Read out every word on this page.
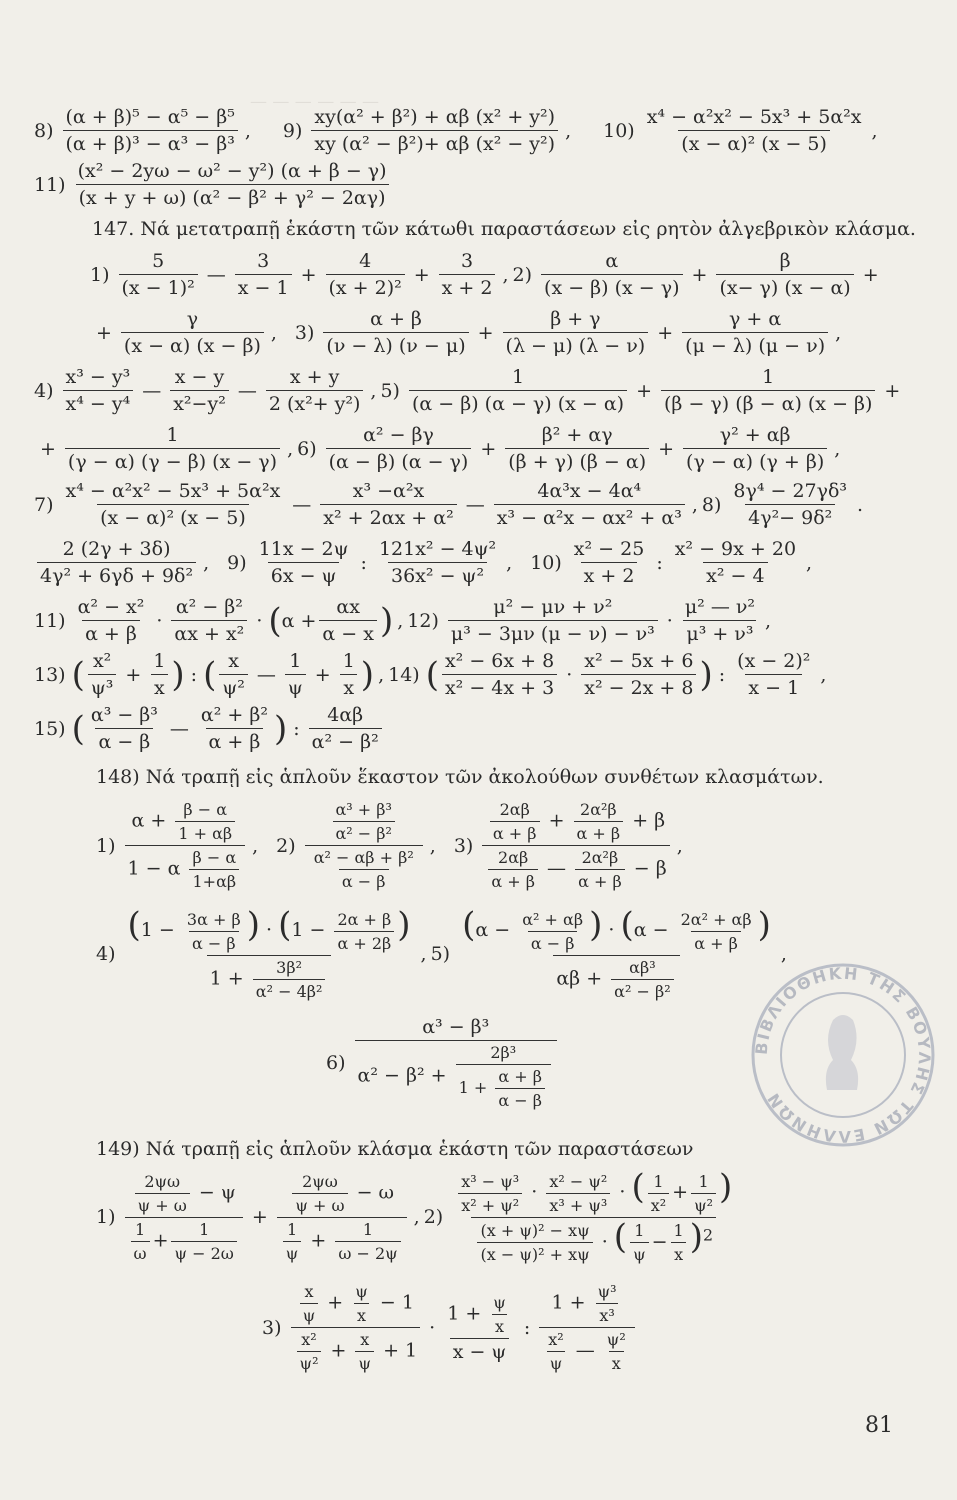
— — — — — —
$8) \frac{\text{(α + β)⁵ − α⁵ − β⁵}}{\text{(α + β)³ − α³ − β³}}$ , $9) \frac{\text{xy(α² + β²) + αβ (x² + y²)}}{\text{xy (α² − β²)+ αβ (x² − y²)}}$ , $10) \frac{\text{x⁴ − α²x² − 5x³ + 5α²x}}{\text{(x − α)² (x − 5)}}$ ,
$11) \frac{\text{(x² − 2yω − ω² − y²) (α + β − γ)}}{\text{(x + y + ω) (α² − β² + γ² − 2αγ)}}$
147. Νά μετατραπῇ ἑκάστη τῶν κάτωθι παραστάσεων εἰς ρητὸν ἀλγεβρικὸν κλάσμα.
$1) \frac{5}{\text{(x − 1)²}}$ — $\frac{3}{x - 1} + \frac{4}{\text{(x + 2)²}} + \frac{3}{x + 2}$ , $2) \frac{\alpha}{(x - \beta) (x - \gamma)} + \frac{\beta}{(x- \gamma) (x - \alpha)}$ +
+ $\frac{\gamma}{(x - \alpha) (x - \beta)}$ , $3) \frac{\alpha + \beta}{(\nu - \lambda) (\nu - \mu)} + \frac{\beta + \gamma}{(\lambda - \mu) (\lambda - \nu)} + \frac{\gamma + \alpha}{(\mu - \lambda) (\mu - \nu)}$ ,
$4) \frac{\text{x³ − y³}}{\text{x⁴ − y⁴}}$ — $\frac{x - y}{\text{x²−y²}}$ — $\frac{x + y}{\text{2 (x²+ y²)}}$ , $5) \frac{1}{(\alpha - \beta) (\alpha - \gamma) (x - \alpha)} + \frac{1}{(\beta - \gamma) (\beta - \alpha) (x - \beta)}$ +
+ $\frac{1}{(\gamma - \alpha) (\gamma - \beta) (x - \gamma)}$ , $6) \frac{\text{α² − βγ}}{(\alpha - \beta) (\alpha - \gamma)} + \frac{\text{β² + αγ}}{(\beta + \gamma) (\beta - \alpha)} + \frac{\text{γ² + αβ}}{(\gamma - \alpha) (\gamma + \beta)}$ ,
$7) \frac{\text{x⁴ − α²x² − 5x³ + 5α²x}}{\text{(x − α)² (x − 5)}}$ — $\frac{\text{x³ −α²x}}{\text{x² + 2αx + α²}}$ — $\frac{\text{4α³x − 4α⁴}}{\text{x³ − α²x − αx² + α³}}$ , $8) \frac{\text{8γ⁴ − 27γδ³}}{\text{4γ²− 9δ²}}$ .
$\frac{2 (2\gamma + 3\delta)}{\text{4γ² + 6γδ + 9δ²}}$ , $9) \frac{11x - 2\psi}{6x - \psi}$ : $\frac{\text{121x² − 4ψ²}}{\text{36x² − ψ²}}$ , $10) \frac{\text{x² − 25}}{x + 2}$ : $\frac{\text{x² − 9x + 20}}{\text{x² − 4}}$ ,
$11) \frac{\text{α² − x²}}{\alpha + \beta} \cdot \frac{\text{α² − β²}}{\text{αx + x²}}$ · ( $\alpha + \frac{\alpha x}{\alpha - x}$ ) , $12) \frac{\text{μ² − μν + ν²}}{\text{μ³ − 3μν (μ − ν) − ν³}} \cdot \frac{\text{μ² — ν²}}{\text{μ³ + ν³}}$ ,
13) ( $\frac{\text{x²}}{\text{ψ³}} + \frac{1}{x}$ ) : ( $\frac{x}{\text{ψ²}}$ — $\frac{1}{\psi} + \frac{1}{x}$ ) , 14) ( $\frac{\text{x² − 6x + 8}}{\text{x² − 4x + 3}} \cdot \frac{\text{x² − 5x + 6}}{\text{x² − 2x + 8}}$ ) : $\frac{\text{(x − 2)²}}{x - 1}$ ,
15) ( $\frac{\text{α³ − β³}}{\alpha - \beta}$ — $\frac{\text{α² + β²}}{\alpha + \beta}$ ) : $\frac{4\alpha\beta}{\text{α² − β²}}$
148) Νά τραπῇ εἰς ἁπλοῦν ἕκαστον τῶν ἀκολούθων συνθέτων κλασμάτων.
$1) \frac{\alpha + \frac{\beta - \alpha}{1 + \alpha\beta}}{1 - \alpha \frac{\beta - \alpha}{1+\alpha\beta}}$ , $2) \frac{\frac{\text{α³ + β³}}{\text{α² − β²}}}{\frac{\text{α² − αβ + β²}}{\alpha - \beta}}$ , $3) \frac{\frac{2\alpha\beta}{\alpha + \beta} + \frac{\text{2α²β}}{\alpha + \beta} + \beta}{\frac{2\alpha\beta}{\alpha + \beta} — \frac{\text{2α²β}}{\alpha + \beta} - \beta}$ ,
$4) \frac{(1 - \frac{3\alpha + \beta}{\alpha - \beta} ) \cdot (1 - \frac{2\alpha + \beta}{\alpha + 2\beta} )}{1 + \frac{\text{3β²}}{\text{α² − 4β²}}}$ , $5) \frac{(\alpha - \frac{\text{α² + αβ}}{\alpha - \beta} ) \cdot (\alpha - \frac{\text{2α² + αβ}}{\alpha + \beta} )}{\alpha\beta + \frac{\text{αβ³}}{\text{α² − β²}}}$ ,
$6) \frac{\text{α³ − β³}}{\alpha^2 - \beta^2 + \frac{\text{2β³}}{1 + \frac{\alpha + \beta}{\alpha - \beta}}}$
149) Νά τραπῇ εἰς ἁπλοῦν κλάσμα ἑκάστη τῶν παραστάσεων
$1) \frac{\frac{2\psi\omega}{\psi + \omega} - \psi}{\frac{1}{\omega} + \frac{1}{\psi - 2\omega}} + \frac{\frac{2\psi\omega}{\psi + \omega} - \omega}{\frac{1}{\psi} + \frac{1}{\omega - 2\psi}}$ , $2) \frac{\frac{\text{x³ − ψ³}}{\text{x² + ψ²}} \cdot \frac{\text{x² − ψ²}}{\text{x³ + ψ³}} \cdot ( \frac{1}{\text{x²}} + \frac{1}{\text{ψ²}} )}{\frac{\text{(x + ψ)² − xψ}}{\text{(x − ψ)² + xψ}} \cdot ( \frac{1}{\psi} - \frac{1}{x} )^2}$
$3) \frac{\frac{x}{\psi} + \frac{\psi}{x} - 1}{\frac{\text{x²}}{\text{ψ²}} + \frac{x}{\psi} + 1} \cdot \frac{1 + \frac{\psi}{x}}{x - \psi}$ : $\frac{1 + \frac{\text{ψ³}}{\text{x³}}}{\frac{\text{x²}}{\psi} — \frac{\text{ψ²}}{x}}$
ΒΙΒΛΙΟΘΗΚΗ ΤΗΣ ΒΟΥΛΗΣ ΤΩΝ ΕΛΛΗΝΩΝ
81
